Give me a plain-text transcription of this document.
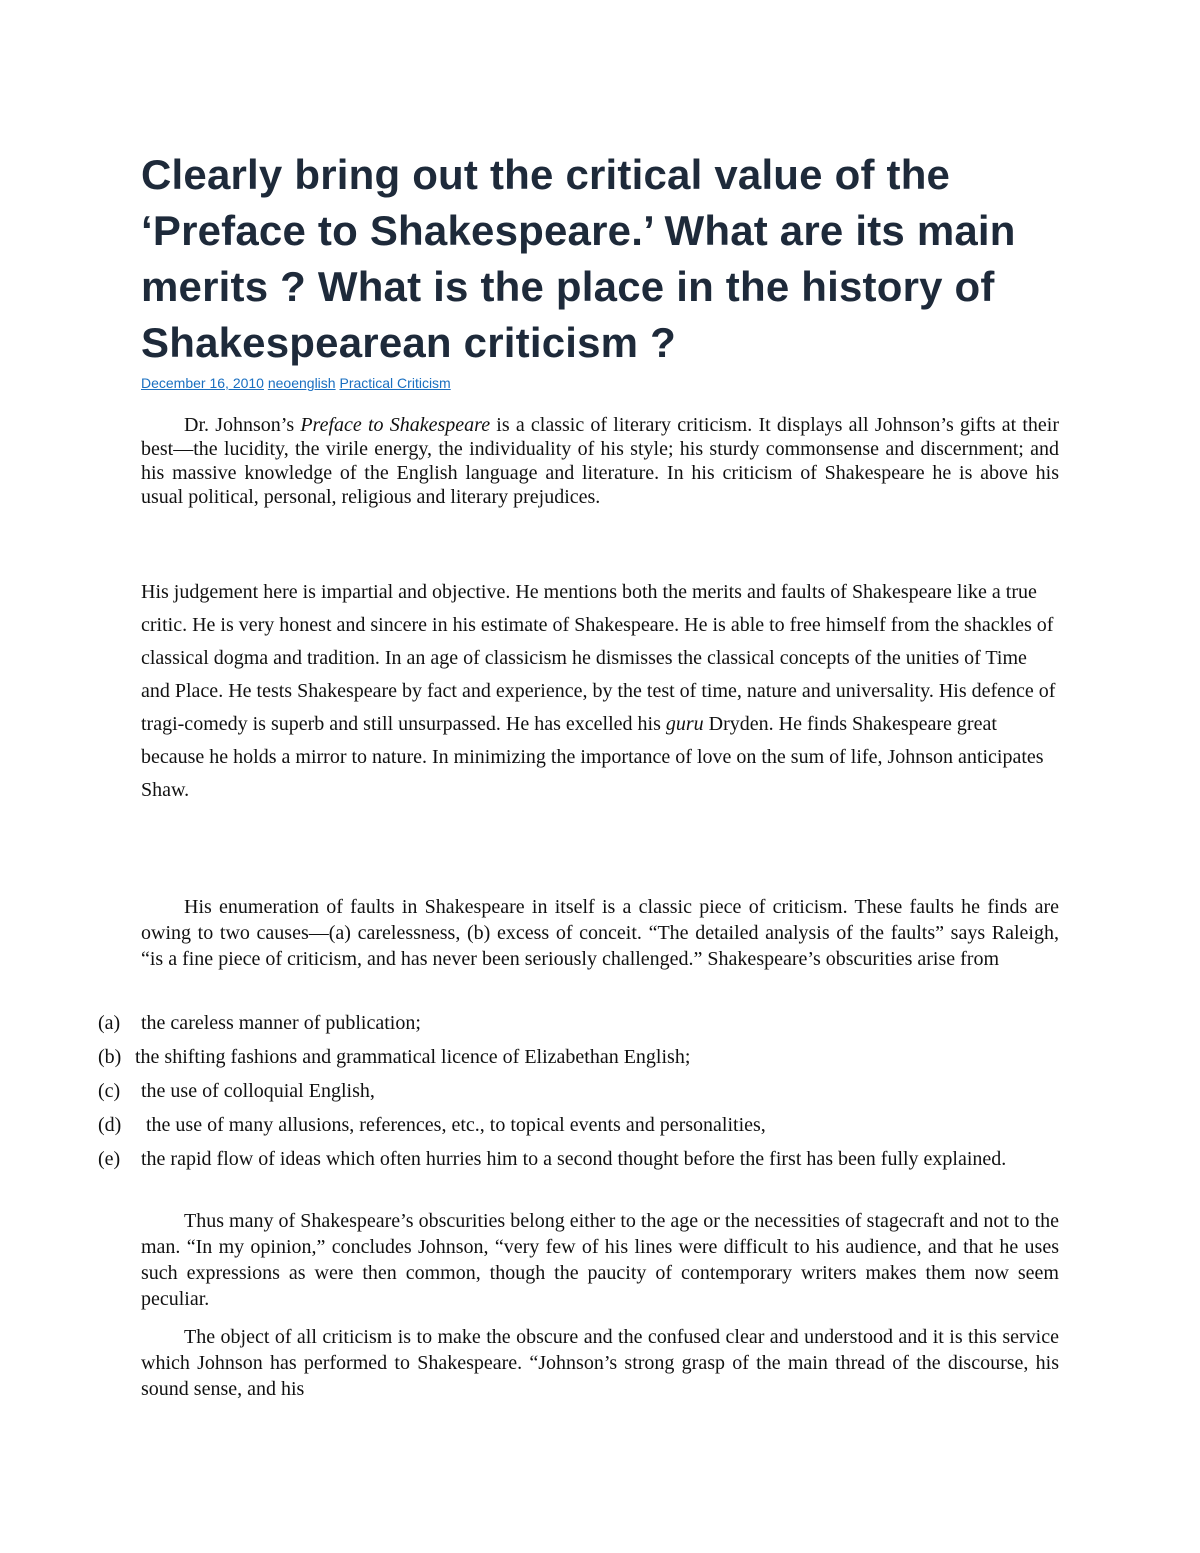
Clearly bring out the critical value of the ‘Preface to Shakespeare.’ What are its main merits ? What is the place in the history of Shakespearean criticism ?
December 16, 2010 neoenglish Practical Criticism

Dr. Johnson’s Preface to Shakespeare is a classic of literary criticism. It displays all Johnson’s gifts at their best—the lucidity, the virile energy, the individuality of his style; his sturdy commonsense and discernment; and his massive knowledge of the English language and literature. In his criticism of Shakespeare he is above his usual political, personal, religious and literary prejudices.

His judgement here is impartial and objective. He mentions both the merits and faults of Shakespeare like a true critic. He is very honest and sincere in his estimate of Shakespeare. He is able to free himself from the shackles of classical dogma and tradition. In an age of classicism he dismisses the classical concepts of the unities of Time and Place. He tests Shakespeare by fact and experience, by the test of time, nature and universality. His defence of tragi-comedy is superb and still unsurpassed. He has excelled his guru Dryden. He finds Shakespeare great because he holds a mirror to nature. In minimizing the importance of love on the sum of life, Johnson anticipates Shaw.

His enumeration of faults in Shakespeare in itself is a classic piece of criticism. These faults he finds are owing to two causes—(a) carelessness, (b) excess of conceit. “The detailed analysis of the faults” says Raleigh, “is a fine piece of criticism, and has never been seriously challenged.” Shakespeare’s obscurities arise from

(a) the careless manner of publication;
(b) the shifting fashions and grammatical licence of Elizabethan English;
(c) the use of colloquial English,
(d) the use of many allusions, references, etc., to topical events and personalities,
(e) the rapid flow of ideas which often hurries him to a second thought before the first has been fully explained.

Thus many of Shakespeare’s obscurities belong either to the age or the necessities of stagecraft and not to the man. “In my opinion,” concludes Johnson, “very few of his lines were difficult to his audience, and that he uses such expressions as were then common, though the paucity of contemporary writers makes them now seem peculiar.

The object of all criticism is to make the obscure and the confused clear and understood and it is this service which Johnson has performed to Shakespeare. “Johnson’s strong grasp of the main thread of the discourse, his sound sense, and his
